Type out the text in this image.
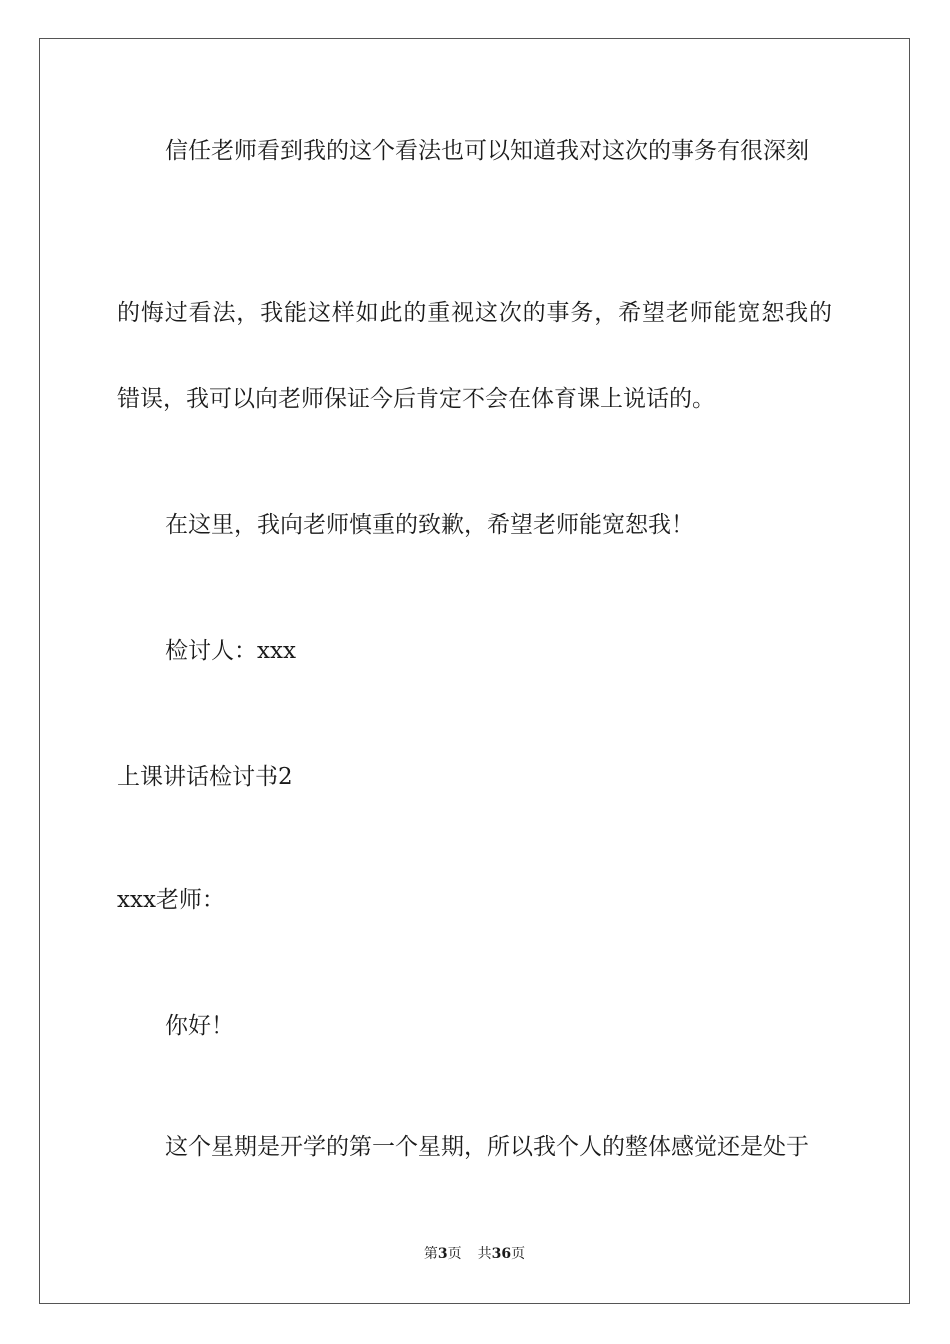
信任老师看到我的这个看法也可以知道我对这次的事务有很深刻
的悔过看法，我能这样如此的重视这次的事务，希望老师能宽恕我的
错误，我可以向老师保证今后肯定不会在体育课上说话的。
在这里，我向老师慎重的致歉，希望老师能宽恕我！
检讨人：xxx
上课讲话检讨书2
xxx老师：
你好！
这个星期是开学的第一个星期，所以我个人的整体感觉还是处于
第3页 共36页
